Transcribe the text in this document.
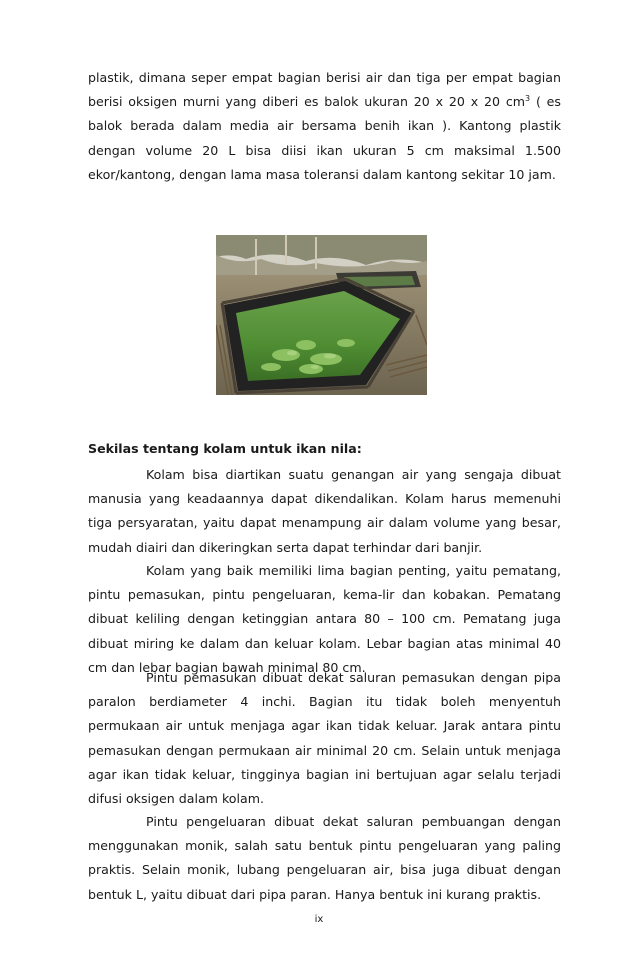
plastik, dimana seper empat bagian berisi air dan tiga per empat bagian berisi oksigen murni yang diberi es balok ukuran 20 x 20 x 20 $cm^3$ ( es balok berada dalam media air bersama benih ikan ). Kantong plastik dengan volume 20 L bisa diisi ikan ukuran 5 cm maksimal 1.500 ekor/kantong, dengan lama masa toleransi dalam kantong sekitar 10 jam.

Sekilas tentang kolam untuk ikan nila:

Kolam bisa diartikan suatu genangan air yang sengaja dibuat manusia yang keadaannya dapat dikendalikan. Kolam harus memenuhi tiga persyaratan, yaitu dapat menampung air dalam volume yang besar, mudah diairi dan dikeringkan serta dapat terhindar dari banjir.

Kolam yang baik memiliki lima bagian penting, yaitu pematang, pintu pemasukan, pintu pengeluaran, kema-lir dan kobakan. Pematang dibuat keliling dengan ketinggian antara 80 – 100 cm. Pematang juga dibuat miring ke dalam dan keluar kolam. Lebar bagian atas minimal 40 cm dan lebar bagian bawah minimal 80 cm.

Pintu pemasukan dibuat dekat saluran pemasukan dengan pipa paralon berdiameter 4 inchi. Bagian itu tidak boleh menyentuh permukaan air untuk menjaga agar ikan tidak keluar. Jarak antara pintu pemasukan dengan permukaan air minimal 20 cm. Selain untuk menjaga agar ikan tidak keluar, tingginya bagian ini bertujuan agar selalu terjadi difusi oksigen dalam kolam.

Pintu pengeluaran dibuat dekat saluran pembuangan dengan menggunakan monik, salah satu bentuk pintu pengeluaran yang paling praktis. Selain monik, lubang pengeluaran air, bisa juga dibuat dengan bentuk L, yaitu dibuat dari pipa paran. Hanya bentuk ini kurang praktis.

ix
